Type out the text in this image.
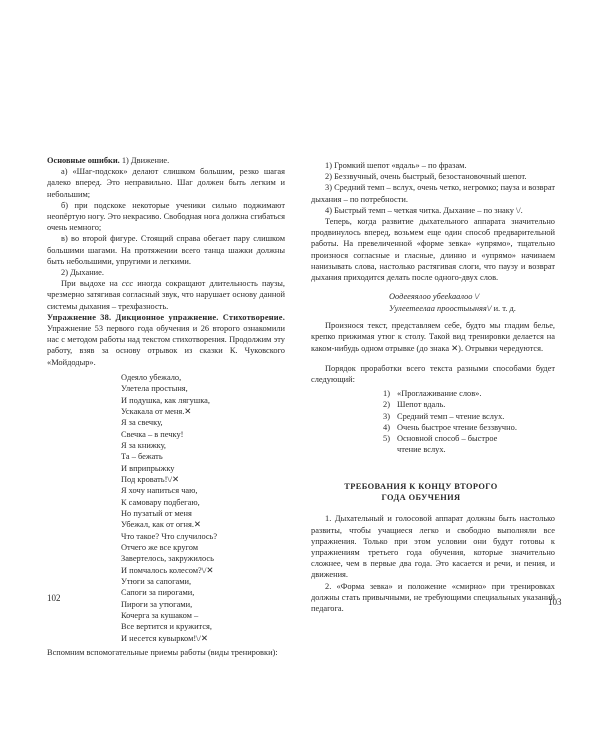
Основные ошибки. 1) Движение.

а) «Шаг-подскок» делают слишком большим, резко шагая далеко вперед. Это неправильно. Шаг должен быть легким и небольшим;

б) при подскоке некоторые ученики сильно поджимают неопёртую ногу. Это некрасиво. Свободная нога должна сгибаться очень немного;

в) во второй фигуре. Стоящий справа обегает пару слишком большими шагами. На протяжении всего танца шажки должны быть небольшими, упругими и легкими.

2) Дыхание.

При выдохе на ссс иногда сокращают длительность паузы, чрезмерно затягивая согласный звук, что нарушает основу данной системы дыхания – трехфазность.

Упражнение 38. Дикционное упражнение. Стихотворение. Упражнение 53 первого года обучения и 26 второго ознакомили нас с методом работы над текстом стихотворения. Продолжим эту работу, взяв за основу отрывок из сказки К. Чуковского «Мойдодыр».

Одеяло убежало,
Улетела простыня,
И подушка, как лягушка,
Ускакала от меня.✕
Я за свечку,
Свечка – в печку!
Я за книжку,
Та – бежать
И вприпрыжку
Под кровать!\/✕
Я хочу напиться чаю,
К самовару подбегаю,
Но пузатый от меня
Убежал, как от огня.✕
Что такое? Что случилось?
Отчего же все кругом
Завертелось, закружилось
И помчалось колесом?\/✕
Утюги за сапогами,
Сапоги за пирогами,
Пироги за утюгами,
Кочерга за кушаком –
Все вертится и кружится,
И несется кувырком!\/✕

Вспомним вспомогательные приемы работы (виды тренировки):

102

1) Громкий шепот «вдаль» – по фразам.

2) Беззвучный, очень быстрый, безостановочный шепот.

3) Средний темп – вслух, очень четко, негромко; пауза и возврат дыхания – по потребности.

4) Быстрый темп – четкая читка. Дыхание – по знаку \/.

Теперь, когда развитие дыхательного аппарата значительно продвинулось вперед, возьмем еще один способ предварительной работы. На превеличенной «форме зевка» «упрямо», тщательно произнося согласные и гласные, длинно и «упрямо» начинаем нанизывать слова, настолько растягивая слоги, что паузу и возврат дыхания приходится делать после одного-двух слов.

Оодеeяялоо yбееkaaлоо \/
Уулееmеeлaa прoосmыыняя\/ и. т. д.

Произнося текст, представляем себе, будто мы гладим белье, крепко прижимая утюг к столу. Такой вид тренировки делается на каком-нибудь одном отрывке (до знака ✕). Отрывки чередуются.

Порядок проработки всего текста разными способами будет следующий:

1) «Проглаживание слов».
2) Шепот вдаль.
3) Средний темп – чтение вслух.
4) Очень быстрое чтение беззвучно.
5) Основной способ – быстрое
чтение вслух.
ТРЕБОВАНИЯ К КОНЦУ ВТОРОГО
ГОДА ОБУЧЕНИЯ

1. Дыхательный и голосовой аппарат должны быть настолько развиты, чтобы учащиеся легко и свободно выполняли все упражнения. Только при этом условии они будут готовы к упражнениям третьего года обучения, которые значительно сложнее, чем в первые два года. Это касается и речи, и пения, и движения.

2. «Форма зевка» и положение «смирно» при тренировках должны стать привычными, не требующими специальных указаний педагога.

103
